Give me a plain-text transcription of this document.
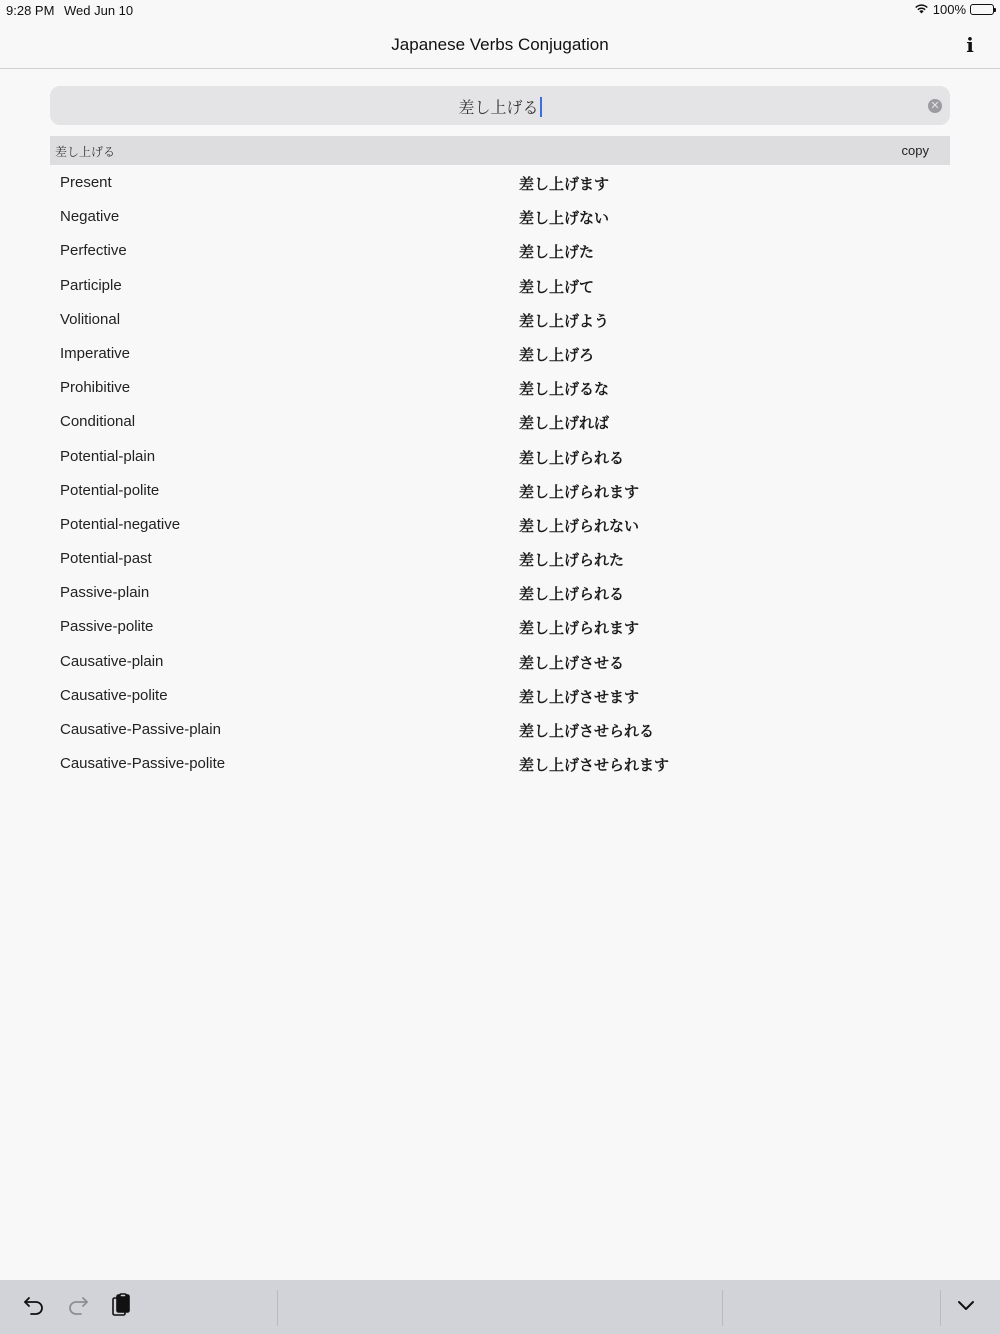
9:28 PM Wed Jun 10	100%
Japanese Verbs Conjugation	i
差し上げる	✕
差し上げる	copy
Present	差し上げます
Negative	差し上げない
Perfective	差し上げた
Participle	差し上げて
Volitional	差し上げよう
Imperative	差し上げろ
Prohibitive	差し上げるな
Conditional	差し上げれば
Potential-plain	差し上げられる
Potential-polite	差し上げられます
Potential-negative	差し上げられない
Potential-past	差し上げられた
Passive-plain	差し上げられる
Passive-polite	差し上げられます
Causative-plain	差し上げさせる
Causative-polite	差し上げさせます
Causative-Passive-plain	差し上げさせられる
Causative-Passive-polite	差し上げさせられます
